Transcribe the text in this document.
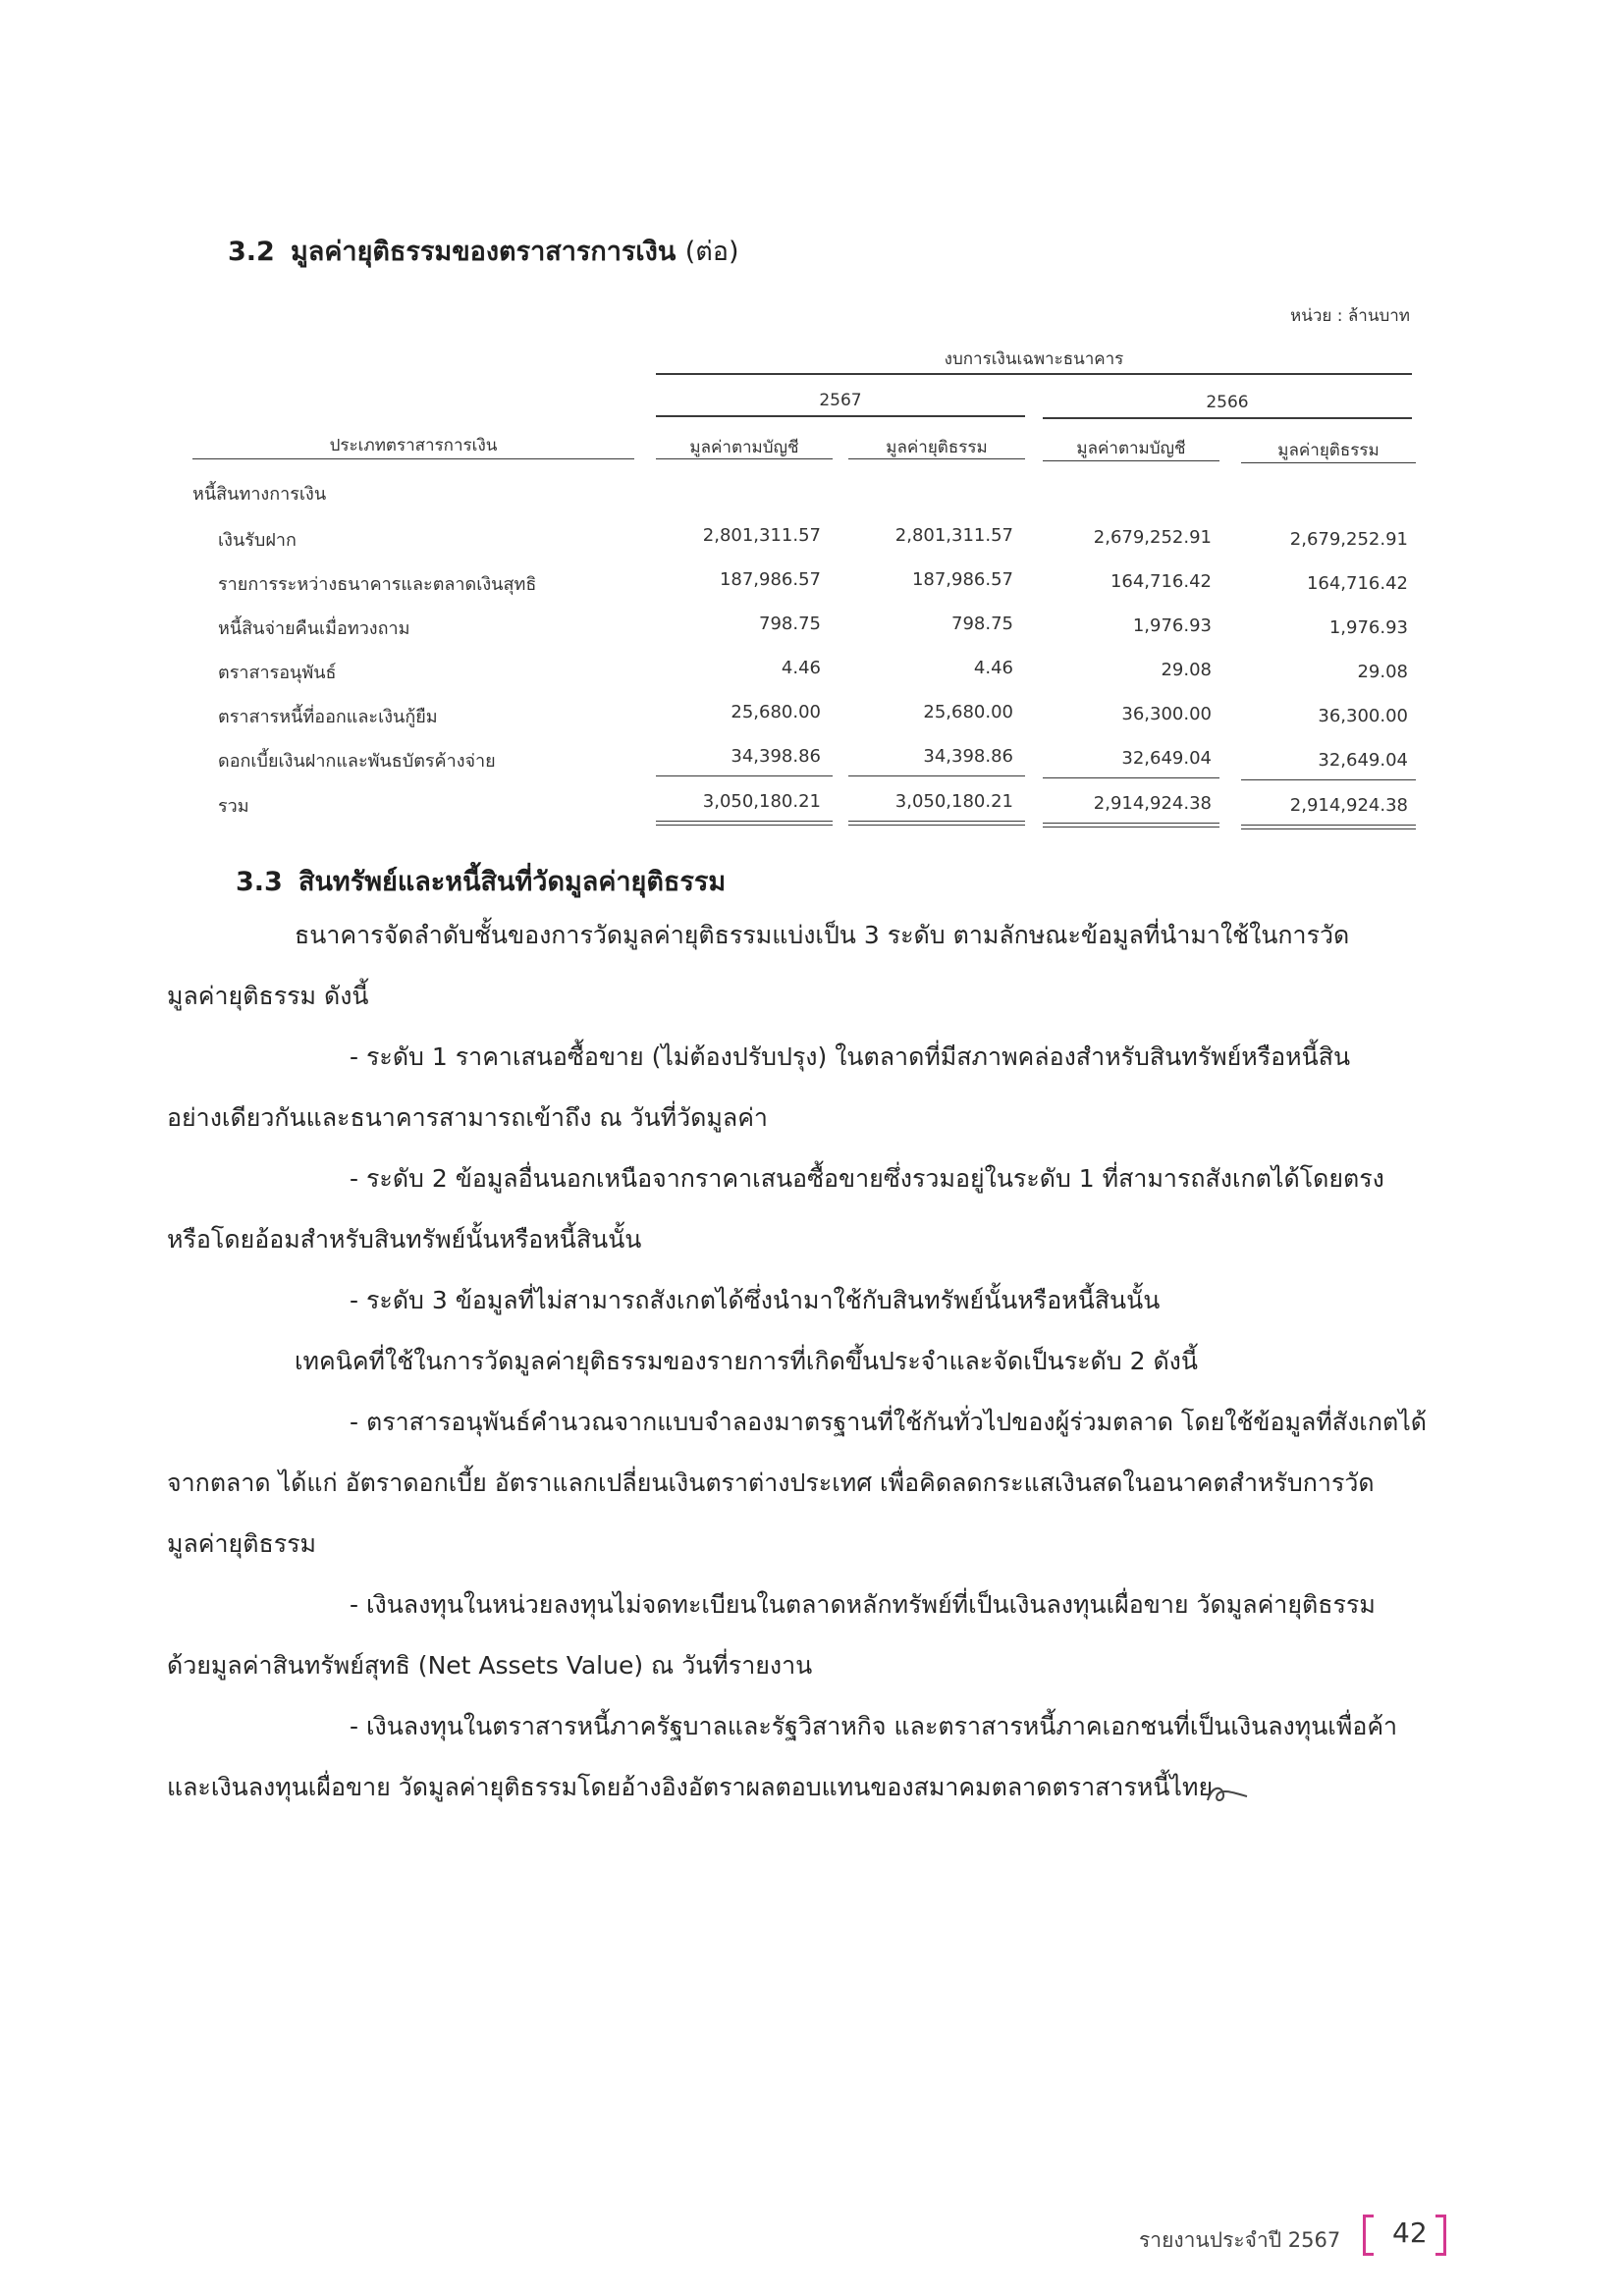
3.2 มูลค่ายุติธรรมของตราสารการเงิน (ต่อ)
หน่วย : ล้านบาท
งบการเงินเฉพาะธนาคาร
2567	2566
ประเภทตราสารการเงิน	มูลค่าตามบัญชี	มูลค่ายุติธรรม	มูลค่าตามบัญชี	มูลค่ายุติธรรม
หนี้สินทางการเงิน
เงินรับฝาก	2,801,311.57	2,801,311.57	2,679,252.91	2,679,252.91
รายการระหว่างธนาคารและตลาดเงินสุทธิ	187,986.57	187,986.57	164,716.42	164,716.42
หนี้สินจ่ายคืนเมื่อทวงถาม	798.75	798.75	1,976.93	1,976.93
ตราสารอนุพันธ์	4.46	4.46	29.08	29.08
ตราสารหนี้ที่ออกและเงินกู้ยืม	25,680.00	25,680.00	36,300.00	36,300.00
ดอกเบี้ยเงินฝากและพันธบัตรค้างจ่าย	34,398.86	34,398.86	32,649.04	32,649.04
รวม	3,050,180.21	3,050,180.21	2,914,924.38	2,914,924.38
3.3 สินทรัพย์และหนี้สินที่วัดมูลค่ายุติธรรม
ธนาคารจัดลำดับชั้นของการวัดมูลค่ายุติธรรมแบ่งเป็น 3 ระดับ ตามลักษณะข้อมูลที่นำมาใช้ในการวัด
มูลค่ายุติธรรม ดังนี้
- ระดับ 1 ราคาเสนอซื้อขาย (ไม่ต้องปรับปรุง) ในตลาดที่มีสภาพคล่องสำหรับสินทรัพย์หรือหนี้สิน
อย่างเดียวกันและธนาคารสามารถเข้าถึง ณ วันที่วัดมูลค่า
- ระดับ 2 ข้อมูลอื่นนอกเหนือจากราคาเสนอซื้อขายซึ่งรวมอยู่ในระดับ 1 ที่สามารถสังเกตได้โดยตรง
หรือโดยอ้อมสำหรับสินทรัพย์นั้นหรือหนี้สินนั้น
- ระดับ 3 ข้อมูลที่ไม่สามารถสังเกตได้ซึ่งนำมาใช้กับสินทรัพย์นั้นหรือหนี้สินนั้น
เทคนิคที่ใช้ในการวัดมูลค่ายุติธรรมของรายการที่เกิดขึ้นประจำและจัดเป็นระดับ 2 ดังนี้
- ตราสารอนุพันธ์คำนวณจากแบบจำลองมาตรฐานที่ใช้กันทั่วไปของผู้ร่วมตลาด โดยใช้ข้อมูลที่สังเกตได้
จากตลาด ได้แก่ อัตราดอกเบี้ย อัตราแลกเปลี่ยนเงินตราต่างประเทศ เพื่อคิดลดกระแสเงินสดในอนาคตสำหรับการวัด
มูลค่ายุติธรรม
- เงินลงทุนในหน่วยลงทุนไม่จดทะเบียนในตลาดหลักทรัพย์ที่เป็นเงินลงทุนเผื่อขาย วัดมูลค่ายุติธรรม
ด้วยมูลค่าสินทรัพย์สุทธิ (Net Assets Value) ณ วันที่รายงาน
- เงินลงทุนในตราสารหนี้ภาครัฐบาลและรัฐวิสาหกิจ และตราสารหนี้ภาคเอกชนที่เป็นเงินลงทุนเพื่อค้า
และเงินลงทุนเผื่อขาย วัดมูลค่ายุติธรรมโดยอ้างอิงอัตราผลตอบแทนของสมาคมตลาดตราสารหนี้ไทย
รายงานประจำปี 2567 42
